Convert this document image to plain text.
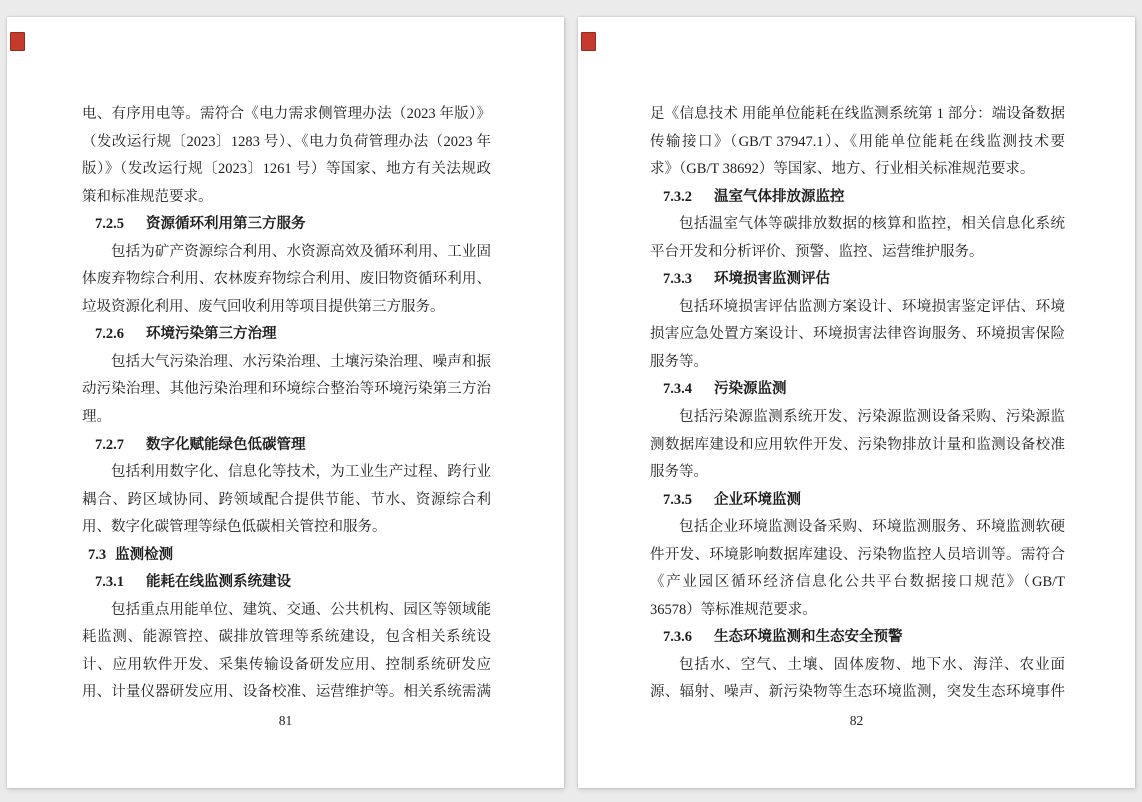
电、有序用电等。需符合《电力需求侧管理办法（2023 年版）》
（发改运行规〔2023〕1283 号）、《电力负荷管理办法（2023 年
版）》（发改运行规〔2023〕1261 号）等国家、地方有关法规政
策和标准规范要求。
7.2.5 资源循环利用第三方服务
包括为矿产资源综合利用、水资源高效及循环利用、工业固
体废弃物综合利用、农林废弃物综合利用、废旧物资循环利用、
垃圾资源化利用、废气回收利用等项目提供第三方服务。
7.2.6 环境污染第三方治理
包括大气污染治理、水污染治理、土壤污染治理、噪声和振
动污染治理、其他污染治理和环境综合整治等环境污染第三方治
理。
7.2.7 数字化赋能绿色低碳管理
包括利用数字化、信息化等技术，为工业生产过程、跨行业
耦合、跨区域协同、跨领域配合提供节能、节水、资源综合利
用、数字化碳管理等绿色低碳相关管控和服务。
7.3 监测检测
7.3.1 能耗在线监测系统建设
包括重点用能单位、建筑、交通、公共机构、园区等领域能
耗监测、能源管控、碳排放管理等系统建设，包含相关系统设
计、应用软件开发、采集传输设备研发应用、控制系统研发应
用、计量仪器研发应用、设备校准、运营维护等。相关系统需满
81
足《信息技术 用能单位能耗在线监测系统第 1 部分：端设备数据
传输接口》（GB/T 37947.1）、《用能单位能耗在线监测技术要
求》（GB/T 38692）等国家、地方、行业相关标准规范要求。
7.3.2 温室气体排放源监控
包括温室气体等碳排放数据的核算和监控，相关信息化系统
平台开发和分析评价、预警、监控、运营维护服务。
7.3.3 环境损害监测评估
包括环境损害评估监测方案设计、环境损害鉴定评估、环境
损害应急处置方案设计、环境损害法律咨询服务、环境损害保险
服务等。
7.3.4 污染源监测
包括污染源监测系统开发、污染源监测设备采购、污染源监
测数据库建设和应用软件开发、污染物排放计量和监测设备校准
服务等。
7.3.5 企业环境监测
包括企业环境监测设备采购、环境监测服务、环境监测软硬
件开发、环境影响数据库建设、污染物监控人员培训等。需符合
《产业园区循环经济信息化公共平台数据接口规范》（GB/T
36578）等标准规范要求。
7.3.6 生态环境监测和生态安全预警
包括水、空气、土壤、固体废物、地下水、海洋、农业面
源、辐射、噪声、新污染物等生态环境监测，突发生态环境事件
82
